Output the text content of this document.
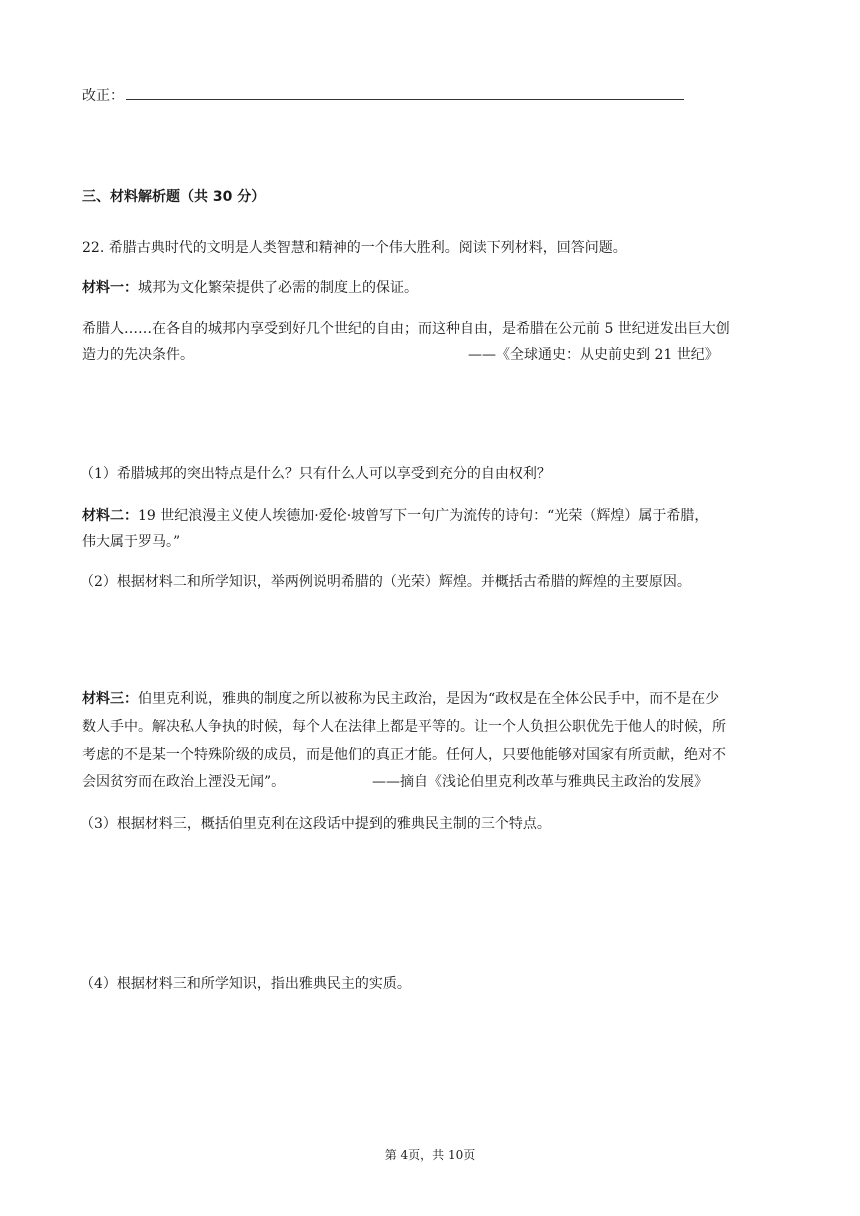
改正：
三、材料解析题（共 30 分）
22. 希腊古典时代的文明是人类智慧和精神的一个伟大胜利。阅读下列材料，回答问题。
材料一：城邦为文化繁荣提供了必需的制度上的保证。
希腊人……在各自的城邦内享受到好几个世纪的自由；而这种自由，是希腊在公元前 5 世纪迸发出巨大创
造力的先决条件。	——《全球通史：从史前史到 21 世纪》
（1）希腊城邦的突出特点是什么？只有什么人可以享受到充分的自由权利？
材料二：19 世纪浪漫主义使人埃德加·爱伦·坡曾写下一句广为流传的诗句：“光荣（辉煌）属于希腊，
伟大属于罗马。”
（2）根据材料二和所学知识，举两例说明希腊的（光荣）辉煌。并概括古希腊的辉煌的主要原因。
材料三：伯里克利说，雅典的制度之所以被称为民主政治，是因为“政权是在全体公民手中，而不是在少
数人手中。解决私人争执的时候，每个人在法律上都是平等的。让一个人负担公职优先于他人的时候，所
考虑的不是某一个特殊阶级的成员，而是他们的真正才能。任何人，只要他能够对国家有所贡献，绝对不
会因贫穷而在政治上湮没无闻”。	——摘自《浅论伯里克利改革与雅典民主政治的发展》
（3）根据材料三，概括伯里克利在这段话中提到的雅典民主制的三个特点。
（4）根据材料三和所学知识，指出雅典民主的实质。
第 4页，共 10页
